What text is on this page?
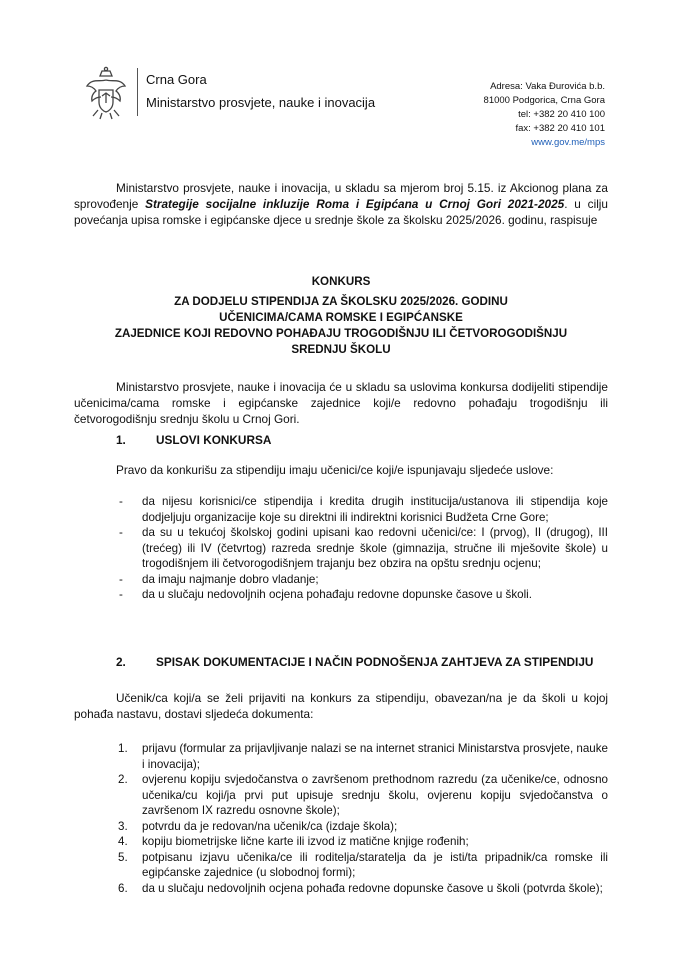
Crna Gora
Ministarstvo prosvjete, nauke i inovacija
Adresa: Vaka Đurovića b.b.
81000 Podgorica, Crna Gora
tel: +382 20 410 100
fax: +382 20 410 101
www.gov.me/mps
Ministarstvo prosvjete, nauke i inovacija, u skladu sa mjerom broj 5.15. iz Akcionog plana za sprovođenje Strategije socijalne inkluzije Roma i Egipćana u Crnoj Gori 2021-2025. u cilju povećanja upisa romske i egipćanske djece u srednje škole za školsku 2025/2026. godinu, raspisuje
KONKURS
ZA DODJELU STIPENDIJA ZA ŠKOLSKU 2025/2026. GODINU
UČENICIMA/CAMA ROMSKE I EGIPĆANSKE
ZAJEDNICE KOJI REDOVNO POHAĐAJU TROGODIŠNJU ILI ČETVOROGODIŠNJU
SREDNJU ŠKOLU
Ministarstvo prosvjete, nauke i inovacija će u skladu sa uslovima konkursa dodijeliti stipendije učenicima/cama romske i egipćanske zajednice koji/e redovno pohađaju trogodišnju ili četvorogodišnju srednju školu u Crnoj Gori.
1.	USLOVI KONKURSA
Pravo da konkurišu za stipendiju imaju učenici/ce koji/e ispunjavaju sljedeće uslove:
- da nijesu korisnici/ce stipendija i kredita drugih institucija/ustanova ili stipendija koje dodjeljuju organizacije koje su direktni ili indirektni korisnici Budžeta Crne Gore;
- da su u tekućoj školskoj godini upisani kao redovni učenici/ce: I (prvog), II (drugog), III (trećeg) ili IV (četvrtog) razreda srednje škole (gimnazija, stručne ili mješovite škole) u trogodišnjem ili četvorogodišnjem trajanju bez obzira na opštu srednju ocjenu;
- da imaju najmanje dobro vladanje;
- da u slučaju nedovoljnih ocjena pohađaju redovne dopunske časove u školi.
2.	SPISAK DOKUMENTACIJE I NAČIN PODNOŠENJA ZAHTJEVA ZA STIPENDIJU
Učenik/ca koji/a se želi prijaviti na konkurs za stipendiju, obavezan/na je da školi u kojoj pohađa nastavu, dostavi sljedeća dokumenta:
1. prijavu (formular za prijavljivanje nalazi se na internet stranici Ministarstva prosvjete, nauke i inovacija);
2. ovjerenu kopiju svjedočanstva o završenom prethodnom razredu (za učenike/ce, odnosno učenika/cu koji/ja prvi put upisuje srednju školu, ovjerenu kopiju svjedočanstva o završenom IX razredu osnovne škole);
3. potvrdu da je redovan/na učenik/ca (izdaje škola);
4. kopiju biometrijske lične karte ili izvod iz matične knjige rođenih;
5. potpisanu izjavu učenika/ce ili roditelja/staratelja da je isti/ta pripadnik/ca romske ili egipćanske zajednice (u slobodnoj formi);
6. da u slučaju nedovoljnih ocjena pohađa redovne dopunske časove u školi (potvrda škole);
